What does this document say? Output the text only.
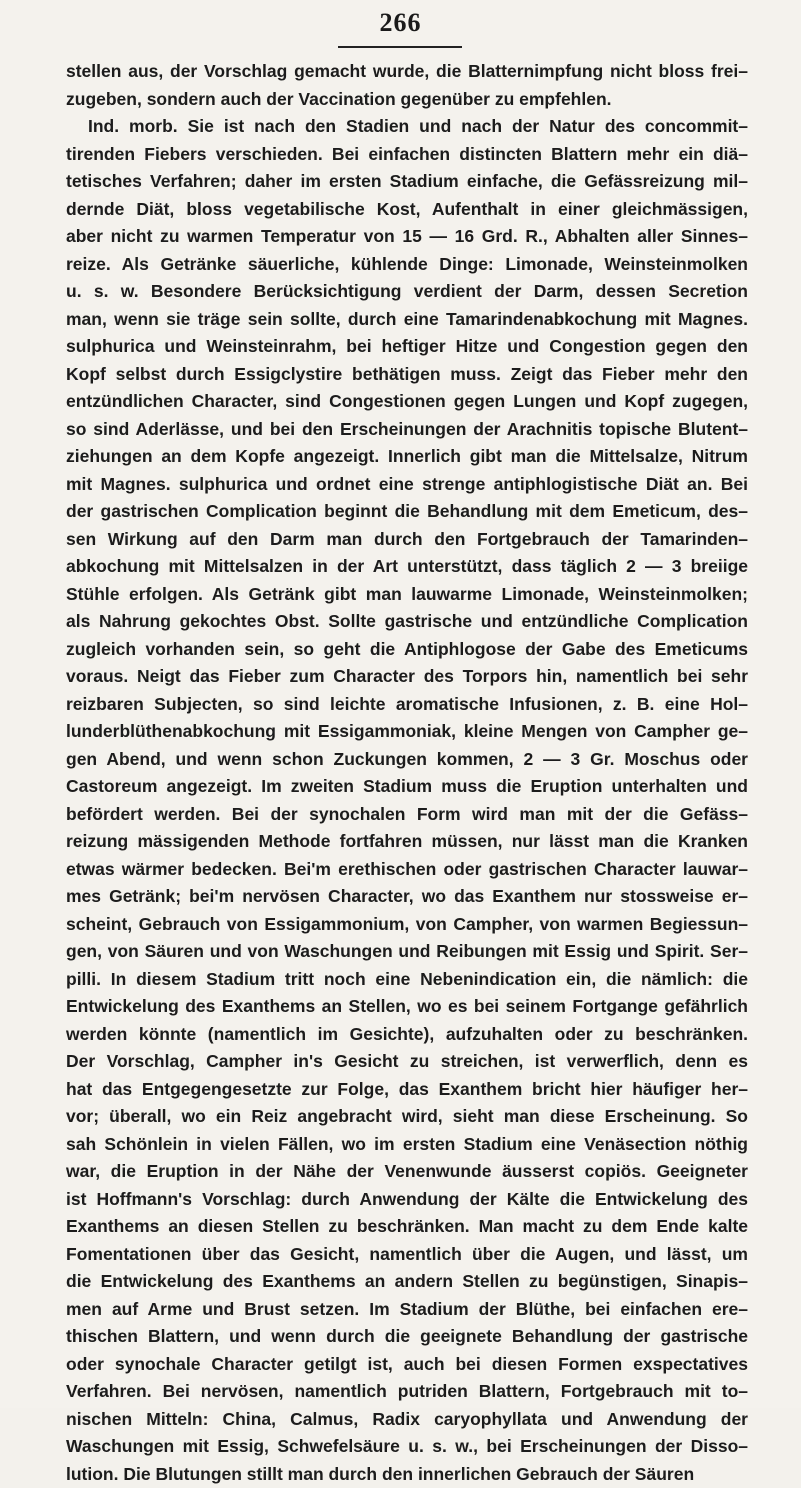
266
stellen aus, der Vorschlag gemacht wurde, die Blatternimpfung nicht bloss frei–
zugeben, sondern auch der Vaccination gegenüber zu empfehlen.
Ind. morb. Sie ist nach den Stadien und nach der Natur des concommit–
tirenden Fiebers verschieden. Bei einfachen distincten Blattern mehr ein diä–
tetisches Verfahren; daher im ersten Stadium einfache, die Gefässreizung mil–
dernde Diät, bloss vegetabilische Kost, Aufenthalt in einer gleichmässigen,
aber nicht zu warmen Temperatur von 15 — 16 Grd. R., Abhalten aller Sinnes–
reize. Als Getränke säuerliche, kühlende Dinge: Limonade, Weinsteinmolken
u. s. w. Besondere Berücksichtigung verdient der Darm, dessen Secretion
man, wenn sie träge sein sollte, durch eine Tamarindenabkochung mit Magnes.
sulphurica und Weinsteinrahm, bei heftiger Hitze und Congestion gegen den
Kopf selbst durch Essigclystire bethätigen muss. Zeigt das Fieber mehr den
entzündlichen Character, sind Congestionen gegen Lungen und Kopf zugegen,
so sind Aderlässe, und bei den Erscheinungen der Arachnitis topische Blutent–
ziehungen an dem Kopfe angezeigt. Innerlich gibt man die Mittelsalze, Nitrum
mit Magnes. sulphurica und ordnet eine strenge antiphlogistische Diät an. Bei
der gastrischen Complication beginnt die Behandlung mit dem Emeticum, des–
sen Wirkung auf den Darm man durch den Fortgebrauch der Tamarinden–
abkochung mit Mittelsalzen in der Art unterstützt, dass täglich 2 — 3 breiige
Stühle erfolgen. Als Getränk gibt man lauwarme Limonade, Weinsteinmolken;
als Nahrung gekochtes Obst. Sollte gastrische und entzündliche Complication
zugleich vorhanden sein, so geht die Antiphlogose der Gabe des Emeticums
voraus. Neigt das Fieber zum Character des Torpors hin, namentlich bei sehr
reizbaren Subjecten, so sind leichte aromatische Infusionen, z. B. eine Hol–
lunderblüthenabkochung mit Essigammoniak, kleine Mengen von Campher ge–
gen Abend, und wenn schon Zuckungen kommen, 2 — 3 Gr. Moschus oder
Castoreum angezeigt. Im zweiten Stadium muss die Eruption unterhalten und
befördert werden. Bei der synochalen Form wird man mit der die Gefäss–
reizung mässigenden Methode fortfahren müssen, nur lässt man die Kranken
etwas wärmer bedecken. Bei'm erethischen oder gastrischen Character lauwar–
mes Getränk; bei'm nervösen Character, wo das Exanthem nur stossweise er–
scheint, Gebrauch von Essigammonium, von Campher, von warmen Begiessun–
gen, von Säuren und von Waschungen und Reibungen mit Essig und Spirit. Ser–
pilli. In diesem Stadium tritt noch eine Nebenindication ein, die nämlich: die
Entwickelung des Exanthems an Stellen, wo es bei seinem Fortgange gefährlich
werden könnte (namentlich im Gesichte), aufzuhalten oder zu beschränken.
Der Vorschlag, Campher in's Gesicht zu streichen, ist verwerflich, denn es
hat das Entgegengesetzte zur Folge, das Exanthem bricht hier häufiger her–
vor; überall, wo ein Reiz angebracht wird, sieht man diese Erscheinung. So
sah Schönlein in vielen Fällen, wo im ersten Stadium eine Venäsection nöthig
war, die Eruption in der Nähe der Venenwunde äusserst copiös. Geeigneter
ist Hoffmann's Vorschlag: durch Anwendung der Kälte die Entwickelung des
Exanthems an diesen Stellen zu beschränken. Man macht zu dem Ende kalte
Fomentationen über das Gesicht, namentlich über die Augen, und lässt, um
die Entwickelung des Exanthems an andern Stellen zu begünstigen, Sinapis–
men auf Arme und Brust setzen. Im Stadium der Blüthe, bei einfachen ere–
thischen Blattern, und wenn durch die geeignete Behandlung der gastrische
oder synochale Character getilgt ist, auch bei diesen Formen exspectatives
Verfahren. Bei nervösen, namentlich putriden Blattern, Fortgebrauch mit to–
nischen Mitteln: China, Calmus, Radix caryophyllata und Anwendung der
Waschungen mit Essig, Schwefelsäure u. s. w., bei Erscheinungen der Disso–
lution. Die Blutungen stillt man durch den innerlichen Gebrauch der Säuren
